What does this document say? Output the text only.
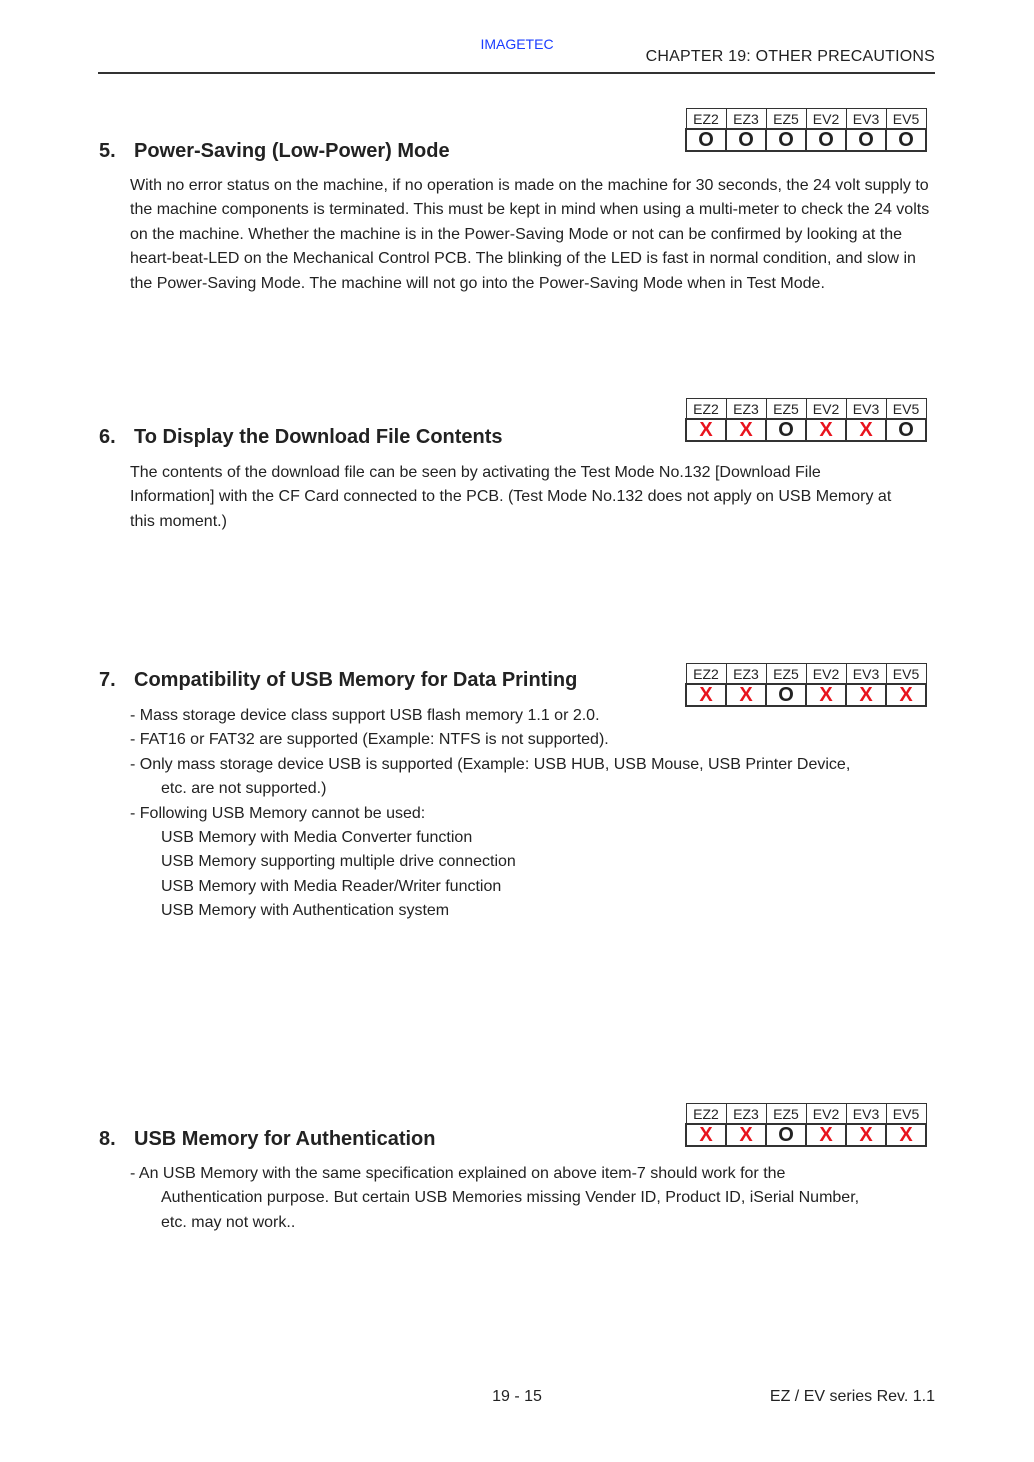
IMAGETEC
CHAPTER 19: OTHER PRECAUTIONS
EZ2	EZ3	EZ5	EV2	EV3	EV5
O	O	O	O	O	O
5. Power-Saving (Low-Power) Mode
With no error status on the machine, if no operation is made on the machine for 30 seconds, the 24 volt supply to the machine components is terminated. This must be kept in mind when using a multi-meter to check the 24 volts on the machine. Whether the machine is in the Power-Saving Mode or not can be confirmed by looking at the heart-beat-LED on the Mechanical Control PCB. The blinking of the LED is fast in normal condition, and slow in the Power-Saving Mode. The machine will not go into the Power-Saving Mode when in Test Mode.
EZ2	EZ3	EZ5	EV2	EV3	EV5
X	X	O	X	X	O
6. To Display the Download File Contents
The contents of the download file can be seen by activating the Test Mode No.132 [Download File Information] with the CF Card connected to the PCB. (Test Mode No.132 does not apply on USB Memory at this moment.)
EZ2	EZ3	EZ5	EV2	EV3	EV5
X	X	O	X	X	X
7. Compatibility of USB Memory for Data Printing
- Mass storage device class support USB flash memory 1.1 or 2.0.
- FAT16 or FAT32 are supported (Example: NTFS is not supported).
- Only mass storage device USB is supported (Example: USB HUB, USB Mouse, USB Printer Device,
etc. are not supported.)
- Following USB Memory cannot be used:
USB Memory with Media Converter function
USB Memory supporting multiple drive connection
USB Memory with Media Reader/Writer function
USB Memory with Authentication system
EZ2	EZ3	EZ5	EV2	EV3	EV5
X	X	O	X	X	X
8. USB Memory for Authentication
- An USB Memory with the same specification explained on above item-7 should work for the
Authentication purpose. But certain USB Memories missing Vender ID, Product ID, iSerial Number,
etc. may not work..
19 - 15	EZ / EV series Rev. 1.1
